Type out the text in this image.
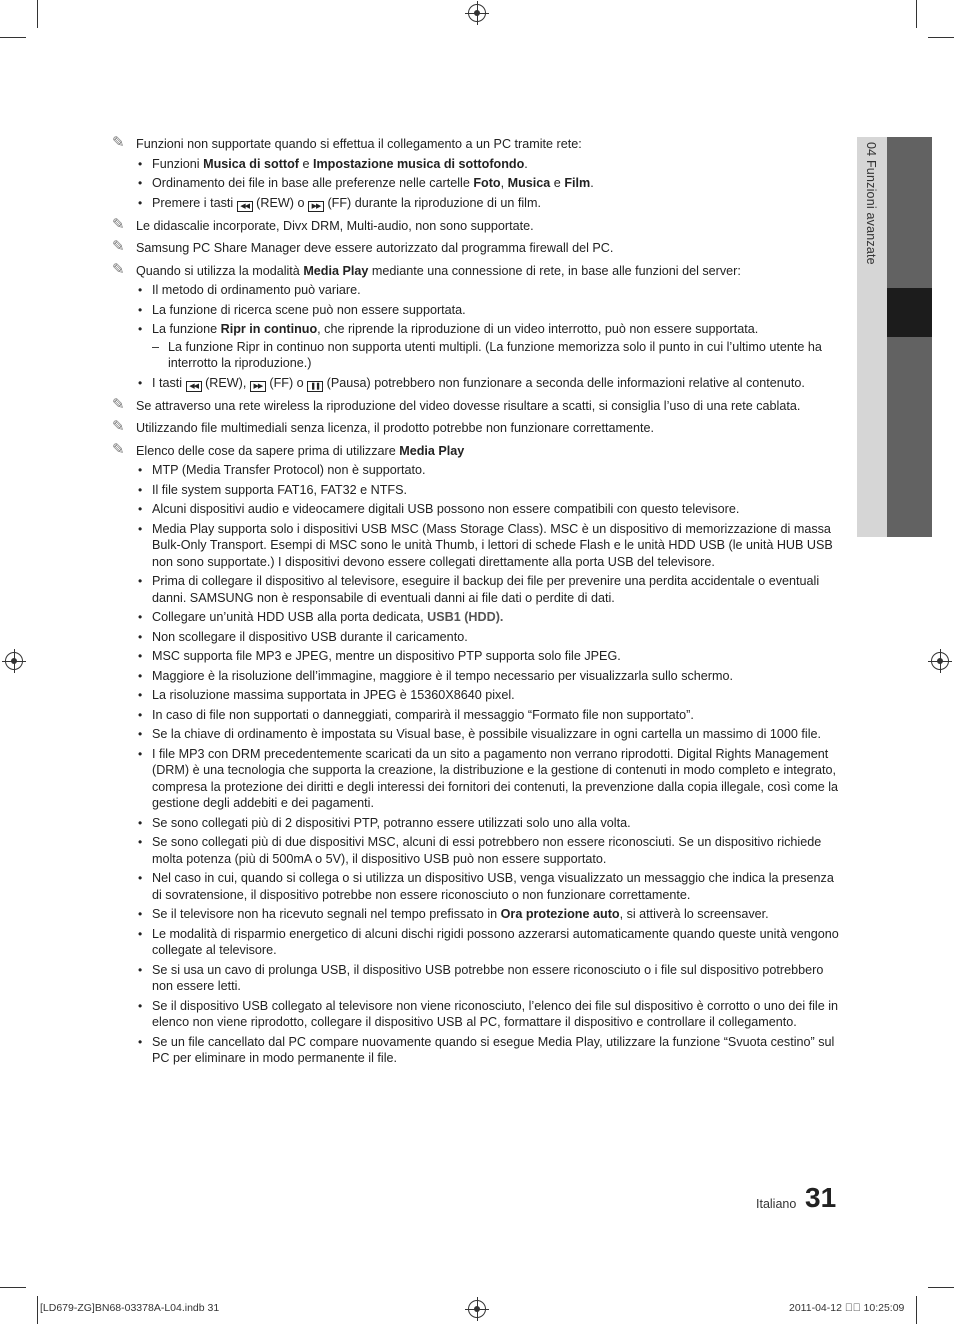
04 Funzioni avanzate
✎ Funzioni non supportate quando si effettua il collegamento a un PC tramite rete:
• Funzioni Musica di sottof e Impostazione musica di sottofondo.
• Ordinamento dei file in base alle preferenze nelle cartelle Foto, Musica e Film.
• Premere i tasti ◀◀ (REW) o ▶▶ (FF) durante la riproduzione di un film.
✎ Le didascalie incorporate, Divx DRM, Multi-audio, non sono supportate.
✎ Samsung PC Share Manager deve essere autorizzato dal programma firewall del PC.
✎ Quando si utilizza la modalità Media Play mediante una connessione di rete, in base alle funzioni del server:
• Il metodo di ordinamento può variare.
• La funzione di ricerca scene può non essere supportata.
• La funzione Ripr in continuo, che riprende la riproduzione di un video interrotto, può non essere supportata.
– La funzione Ripr in continuo non supporta utenti multipli. (La funzione memorizza solo il punto in cui l’ultimo utente ha interrotto la riproduzione.)
• I tasti ◀◀ (REW), ▶▶ (FF) o ❚❚ (Pausa) potrebbero non funzionare a seconda delle informazioni relative al contenuto.
✎ Se attraverso una rete wireless la riproduzione del video dovesse risultare a scatti, si consiglia l’uso di una rete cablata.
✎ Utilizzando file multimediali senza licenza, il prodotto potrebbe non funzionare correttamente.
✎ Elenco delle cose da sapere prima di utilizzare Media Play
• MTP (Media Transfer Protocol) non è supportato.
• Il file system supporta FAT16, FAT32 e NTFS.
• Alcuni dispositivi audio e videocamere digitali USB possono non essere compatibili con questo televisore.
• Media Play supporta solo i dispositivi USB MSC (Mass Storage Class). MSC è un dispositivo di memorizzazione di massa Bulk-Only Transport. Esempi di MSC sono le unità Thumb, i lettori di schede Flash e le unità HDD USB (le unità HUB USB non sono supportate.) I dispositivi devono essere collegati direttamente alla porta USB del televisore.
• Prima di collegare il dispositivo al televisore, eseguire il backup dei file per prevenire una perdita accidentale o eventuali danni. SAMSUNG non è responsabile di eventuali danni ai file dati o perdite di dati.
• Collegare un’unità HDD USB alla porta dedicata, USB1 (HDD).
• Non scollegare il dispositivo USB durante il caricamento.
• MSC supporta file MP3 e JPEG, mentre un dispositivo PTP supporta solo file JPEG.
• Maggiore è la risoluzione dell’immagine, maggiore è il tempo necessario per visualizzarla sullo schermo.
• La risoluzione massima supportata in JPEG è 15360X8640 pixel.
• In caso di file non supportati o danneggiati, comparirà il messaggio “Formato file non supportato”.
• Se la chiave di ordinamento è impostata su Visual base, è possibile visualizzare in ogni cartella un massimo di 1000 file.
• I file MP3 con DRM precedentemente scaricati da un sito a pagamento non verrano riprodotti. Digital Rights Management (DRM) è una tecnologia che supporta la creazione, la distribuzione e la gestione di contenuti in modo completo e integrato, compresa la protezione dei diritti e degli interessi dei fornitori dei contenuti, la prevenzione dalla copia illegale, così come la gestione degli addebiti e dei pagamenti.
• Se sono collegati più di 2 dispositivi PTP, potranno essere utilizzati solo uno alla volta.
• Se sono collegati più di due dispositivi MSC, alcuni di essi potrebbero non essere riconosciuti. Se un dispositivo richiede molta potenza (più di 500mA o 5V), il dispositivo USB può non essere supportato.
• Nel caso in cui, quando si collega o si utilizza un dispositivo USB, venga visualizzato un messaggio che indica la presenza di sovratensione, il dispositivo potrebbe non essere riconosciuto o non funzionare correttamente.
• Se il televisore non ha ricevuto segnali nel tempo prefissato in Ora protezione auto, si attiverà lo screensaver.
• Le modalità di risparmio energetico di alcuni dischi rigidi possono azzerarsi automaticamente quando queste unità vengono collegate al televisore.
• Se si usa un cavo di prolunga USB, il dispositivo USB potrebbe non essere riconosciuto o i file sul dispositivo potrebbero non essere letti.
• Se il dispositivo USB collegato al televisore non viene riconosciuto, l’elenco dei file sul dispositivo è corrotto o uno dei file in elenco non viene riprodotto, collegare il dispositivo USB al PC, formattare il dispositivo e controllare il collegamento.
• Se un file cancellato dal PC compare nuovamente quando si esegue Media Play, utilizzare la funzione “Svuota cestino” sul PC per eliminare in modo permanente il file.
Italiano 31
[LD679-ZG]BN68-03378A-L04.indb 31	2011-04-12 ￿￿ 10:25:09
